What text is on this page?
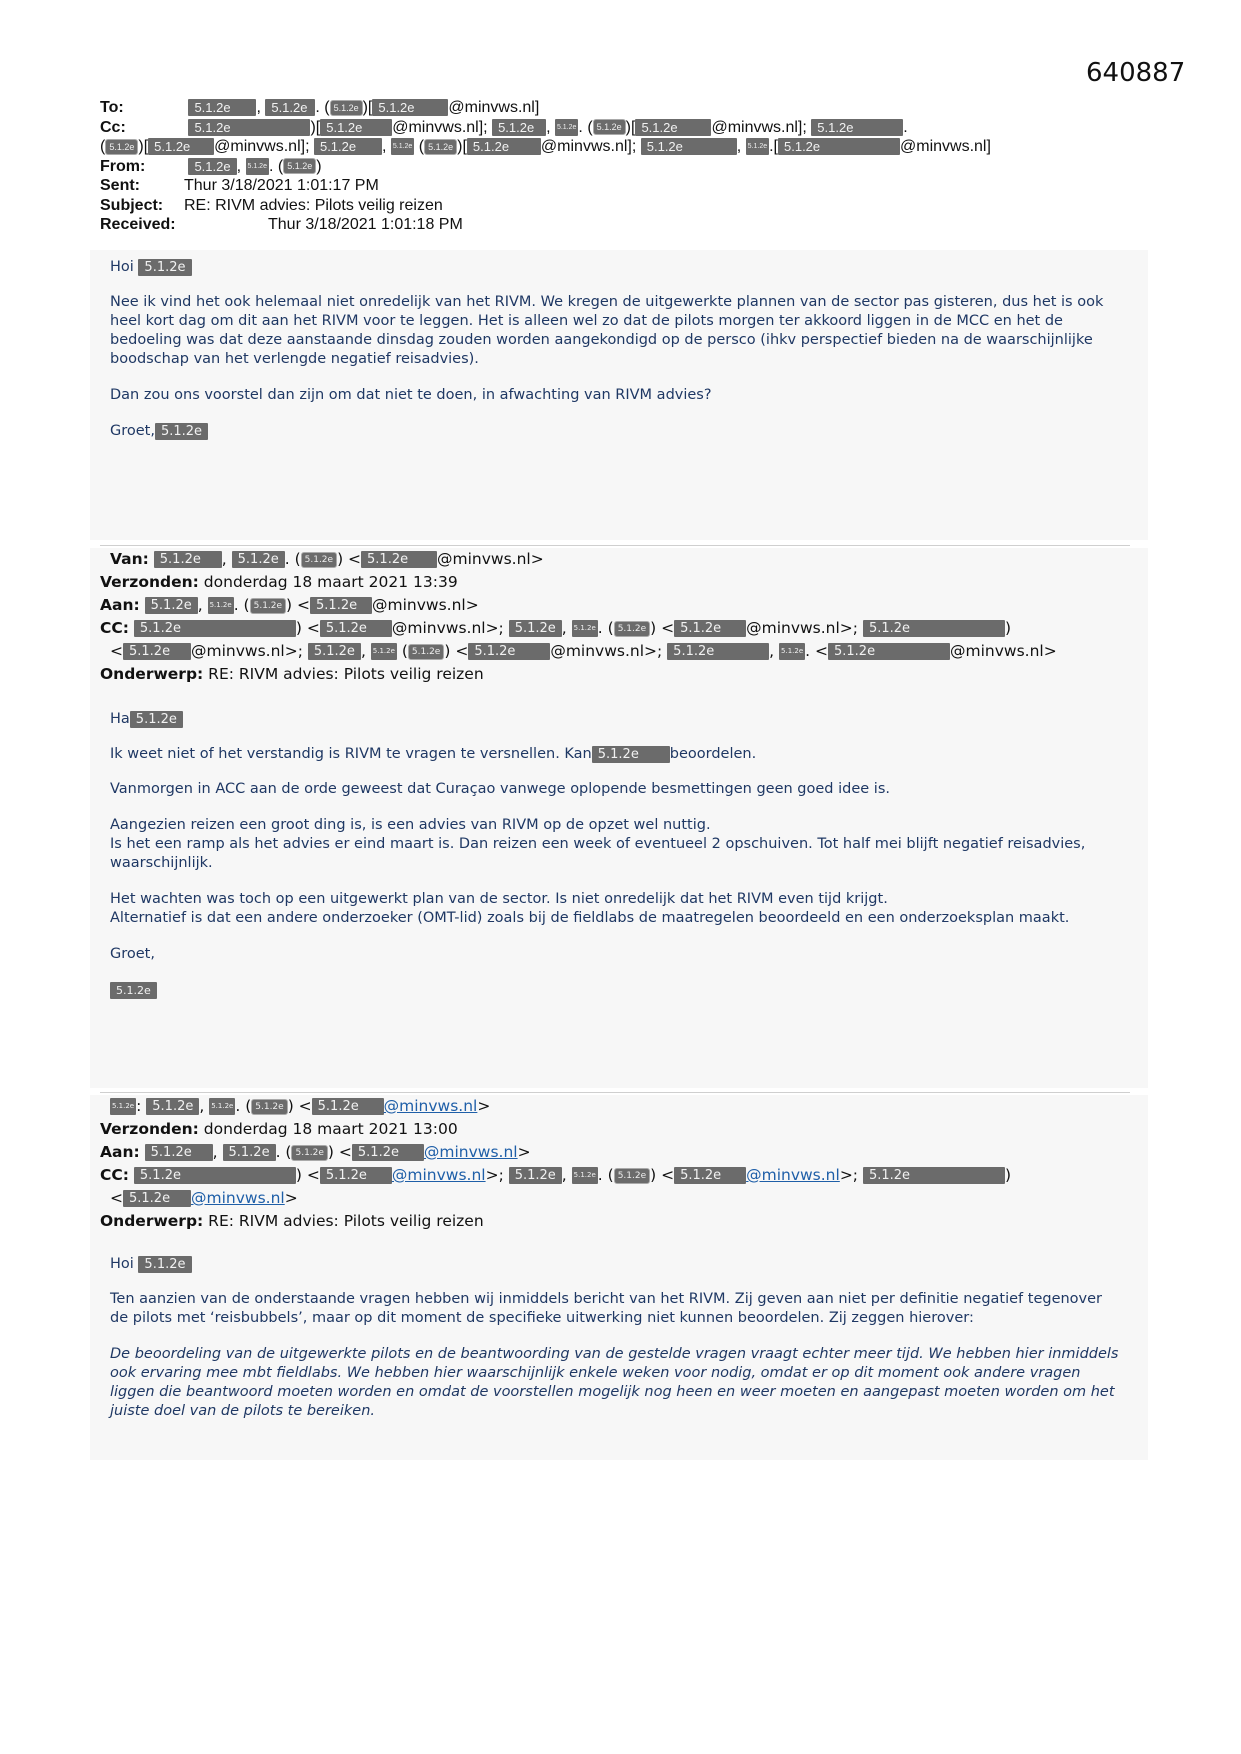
640887
To:	5.1.2e , 5.1.2e . ( 5.1.2e )[ 5.1.2e @minvws.nl]
Cc:	5.1.2e	)[ 5.1.2e @minvws.nl]; 5.1.2e , 5.1.2e . ( 5.1.2e )[ 5.1.2e @minvws.nl]; 5.1.2e	.
( 5.1.2e )[ 5.1.2e @minvws.nl]; 5.1.2e , 5.1.2e ( 5.1.2e )[ 5.1.2e @minvws.nl]; 5.1.2e	, 5.1.2e .[ 5.1.2e	@minvws.nl]
From:	5.1.2e , 5.1.2e . ( 5.1.2e )
Sent:	Thur 3/18/2021 1:01:17 PM
Subject: RE: RIVM advies: Pilots veilig reizen
Received:	Thur 3/18/2021 1:01:18 PM

Hoi 5.1.2e

Nee ik vind het ook helemaal niet onredelijk van het RIVM. We kregen de uitgewerkte plannen van de sector pas gisteren, dus het is ook heel kort dag om dit aan het RIVM voor te leggen. Het is alleen wel zo dat de pilots morgen ter akkoord liggen in de MCC en het de bedoeling was dat deze aanstaande dinsdag zouden worden aangekondigd op de persco (ihkv perspectief bieden na de waarschijnlijke boodschap van het verlengde negatief reisadvies).

Dan zou ons voorstel dan zijn om dat niet te doen, in afwachting van RIVM advies?

Groet, 5.1.2e

Van: 5.1.2e , 5.1.2e . ( 5.1.2e ) < 5.1.2e @minvws.nl>
Verzonden: donderdag 18 maart 2021 13:39
Aan: 5.1.2e , 5.1.2e . ( 5.1.2e ) < 5.1.2e @minvws.nl>
CC: 5.1.2e	) < 5.1.2e @minvws.nl>; 5.1.2e , 5.1.2e . ( 5.1.2e ) < 5.1.2e @minvws.nl>; 5.1.2e	)
< 5.1.2e @minvws.nl>; 5.1.2e , 5.1.2e ( 5.1.2e ) < 5.1.2e @minvws.nl>; 5.1.2e	, 5.1.2e . < 5.1.2e	@minvws.nl>
Onderwerp: RE: RIVM advies: Pilots veilig reizen

Ha 5.1.2e

Ik weet niet of het verstandig is RIVM te vragen te versnellen. Kan 5.1.2e beoordelen.

Vanmorgen in ACC aan de orde geweest dat Curaçao vanwege oplopende besmettingen geen goed idee is.

Aangezien reizen een groot ding is, is een advies van RIVM op de opzet wel nuttig.

Is het een ramp als het advies er eind maart is. Dan reizen een week of eventueel 2 opschuiven. Tot half mei blijft negatief reisadvies, waarschijnlijk.

Het wachten was toch op een uitgewerkt plan van de sector. Is niet onredelijk dat het RIVM even tijd krijgt.

Alternatief is dat een andere onderzoeker (OMT-lid) zoals bij de fieldlabs de maatregelen beoordeeld en een onderzoeksplan maakt.

Groet,

5.1.2e

5.1.2e : 5.1.2e , 5.1.2e . ( 5.1.2e ) < 5.1.2e @minvws.nl>
Verzonden: donderdag 18 maart 2021 13:00
Aan: 5.1.2e , 5.1.2e . ( 5.1.2e ) < 5.1.2e @minvws.nl>
CC: 5.1.2e	) < 5.1.2e @minvws.nl>; 5.1.2e , 5.1.2e . ( 5.1.2e ) < 5.1.2e @minvws.nl>; 5.1.2e	)
< 5.1.2e @minvws.nl>
Onderwerp: RE: RIVM advies: Pilots veilig reizen

Hoi 5.1.2e

Ten aanzien van de onderstaande vragen hebben wij inmiddels bericht van het RIVM. Zij geven aan niet per definitie negatief tegenover de pilots met ‘reisbubbels’, maar op dit moment de specifieke uitwerking niet kunnen beoordelen. Zij zeggen hierover:

De beoordeling van de uitgewerkte pilots en de beantwoording van de gestelde vragen vraagt echter meer tijd. We hebben hier inmiddels ook ervaring mee mbt fieldlabs. We hebben hier waarschijnlijk enkele weken voor nodig, omdat er op dit moment ook andere vragen liggen die beantwoord moeten worden en omdat de voorstellen mogelijk nog heen en weer moeten en aangepast moeten worden om het juiste doel van de pilots te bereiken.
